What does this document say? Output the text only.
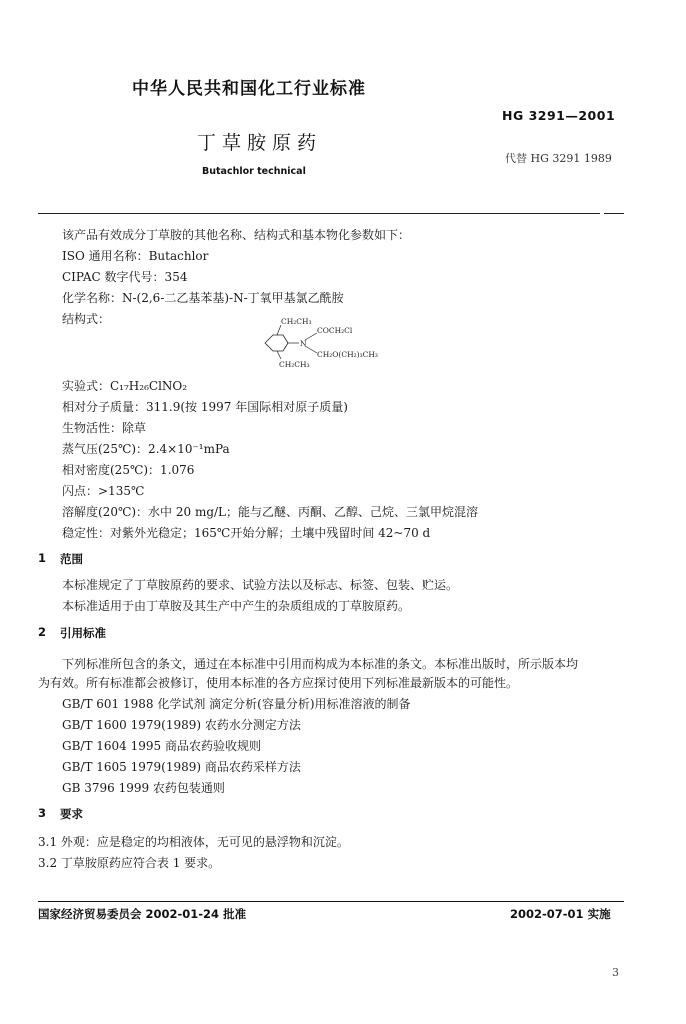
中华人民共和国化工行业标准
HG 3291—2001
丁草胺原药
代替 HG 3291 1989
Butachlor technical
该产品有效成分丁草胺的其他名称、结构式和基本物化参数如下：
ISO 通用名称：Butachlor
CIPAC 数字代号：354
化学名称：N-(2,6-二乙基苯基)-N-丁氧甲基氯乙酰胺
结构式：	CH₂CH₃
COCH₂Cl
N
CH₂O(CH₂)₃CH₃
CH₂CH₃
实验式：C₁₇H₂₆ClNO₂
相对分子质量：311.9(按 1997 年国际相对原子质量)
生物活性：除草
蒸气压(25℃)：2.4×10⁻¹mPa
相对密度(25℃)：1.076
闪点：>135℃
溶解度(20℃)：水中 20 mg/L；能与乙醚、丙酮、乙醇、己烷、三氯甲烷混溶
稳定性：对紫外光稳定；165℃开始分解；土壤中残留时间 42~70 d
1 范围
本标准规定了丁草胺原药的要求、试验方法以及标志、标签、包装、贮运。
本标准适用于由丁草胺及其生产中产生的杂质组成的丁草胺原药。
2 引用标准
下列标准所包含的条文，通过在本标准中引用而构成为本标准的条文。本标准出版时，所示版本均
为有效。所有标准都会被修订，使用本标准的各方应探讨使用下列标准最新版本的可能性。
GB/T 601 1988 化学试剂 滴定分析(容量分析)用标准溶液的制备
GB/T 1600 1979(1989) 农药水分测定方法
GB/T 1604 1995 商品农药验收规则
GB/T 1605 1979(1989) 商品农药采样方法
GB 3796 1999 农药包装通则
3 要求
3.1 外观：应是稳定的均相液体，无可见的悬浮物和沉淀。
3.2 丁草胺原药应符合表 1 要求。
国家经济贸易委员会 2002-01-24 批准	2002-07-01 实施
3
